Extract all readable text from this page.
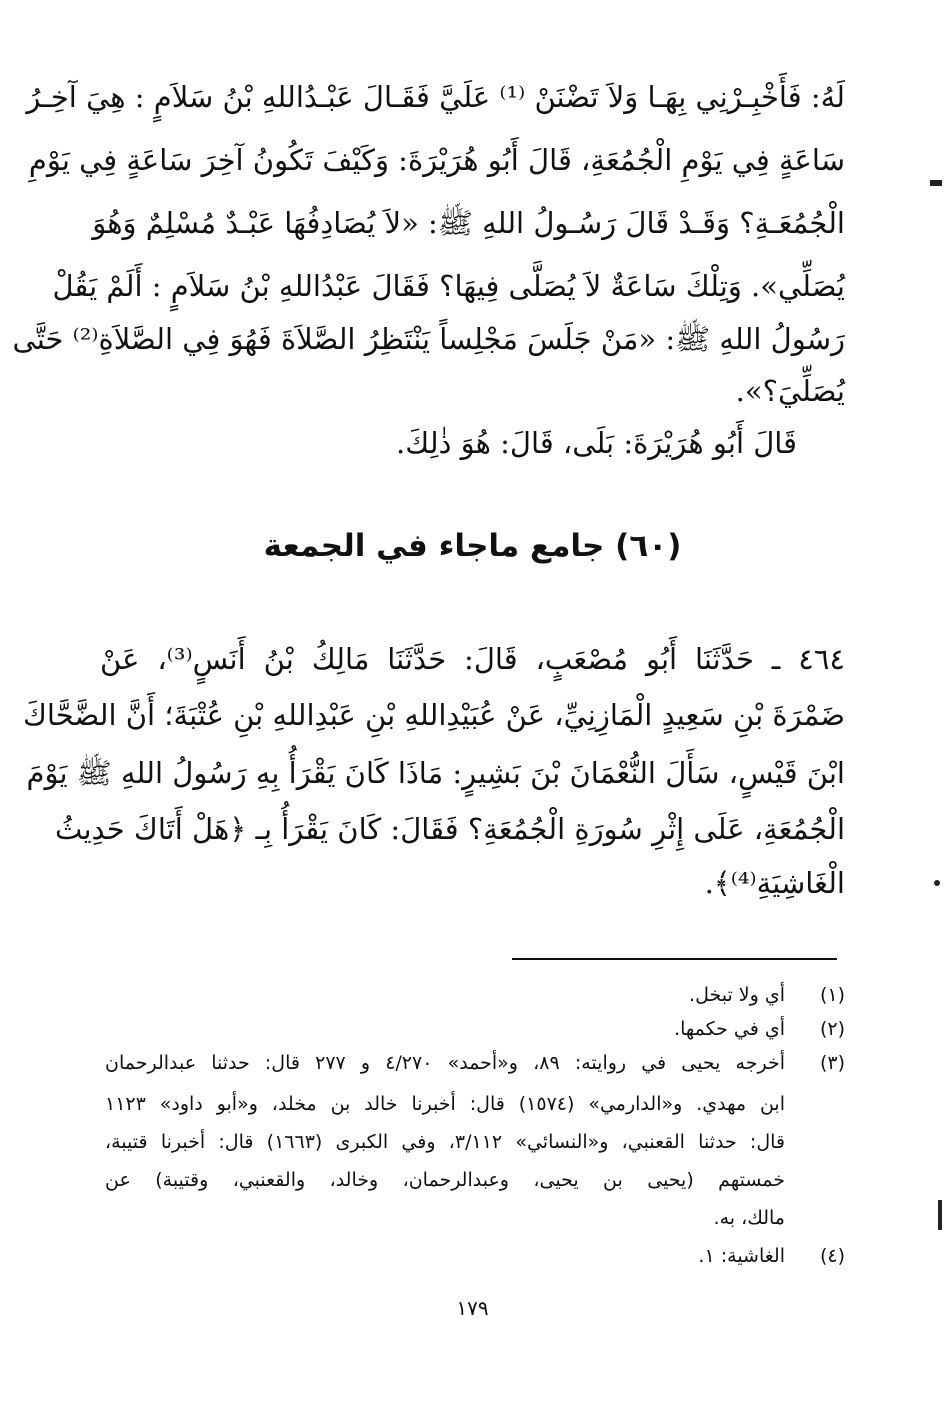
لَهُ: فَأَخْبِـرْنِي بِهَـا وَلاَ تَضْنَنْ ⁽¹⁾ عَلَيَّ فَقَـالَ عَبْـدُاللهِ بْنُ سَلاَمٍ : هِيَ آخِـرُ
سَاعَةٍ فِي يَوْمِ الْجُمُعَةِ، قَالَ أَبُو هُرَيْرَةَ: وَكَيْفَ تَكُونُ آخِرَ سَاعَةٍ فِي يَوْمِ
الْجُمُعَـةِ؟ وَقَـدْ قَالَ رَسُـولُ اللهِ ﷺ: «لاَ يُصَادِفُهَا عَبْـدٌ مُسْلِمٌ وَهُوَ
يُصَلِّي». وَتِلْكَ سَاعَةٌ لاَ يُصَلَّى فِيهَا؟ فَقَالَ عَبْدُاللهِ بْنُ سَلاَمٍ : أَلَمْ يَقُلْ
رَسُولُ اللهِ ﷺ: «مَنْ جَلَسَ مَجْلِساً يَنْتَظِرُ الصَّلاَةَ فَهُوَ فِي الصَّلاَةِ⁽²⁾ حَتَّى
يُصَلِّيَ؟».
قَالَ أَبُو هُرَيْرَةَ: بَلَى، قَالَ: هُوَ ذٰلِكَ.
(٦٠) جامع ماجاء في الجمعة
٤٦٤ ـ حَدَّثَنَا أَبُو مُصْعَبٍ، قَالَ: حَدَّثَنَا مَالِكُ بْنُ أَنَسٍ⁽³⁾، عَنْ
ضَمْرَةَ بْنِ سَعِيدٍ الْمَازِنِيِّ، عَنْ عُبَيْدِاللهِ بْنِ عَبْدِاللهِ بْنِ عُتْبَةَ؛ أَنَّ الضَّحَّاكَ
ابْنَ قَيْسٍ، سَأَلَ النُّعْمَانَ بْنَ بَشِيرٍ: مَاذَا كَانَ يَقْرَأُ بِهِ رَسُولُ اللهِ ﷺ يَوْمَ
الْجُمُعَةِ، عَلَى إِثْرِ سُورَةِ الْجُمُعَةِ؟ فَقَالَ: كَانَ يَقْرَأُ بِـ ﴿هَلْ أَتَاكَ حَدِيثُ
الْغَاشِيَةِ⁽⁴⁾﴾.
(١)
أي ولا تبخل.
(٢)
أي في حكمها.
(٣)
أخرجه يحيى في روايته: ٨٩، و«أحمد» ٤/٢٧٠ و ٢٧٧ قال: حدثنا عبدالرحمان
ابن مهدي. و«الدارمي» (١٥٧٤) قال: أخبرنا خالد بن مخلد، و«أبو داود» ١١٢٣
قال: حدثنا القعنبي، و«النسائي» ٣/١١٢، وفي الكبرى (١٦٦٣) قال: أخبرنا قتيبة،
خمستهم (يحيى بن يحيى، وعبدالرحمان، وخالد، والقعنبي، وقتيبة) عن
مالك، به.
(٤)
الغاشية: ١.
١٧٩
